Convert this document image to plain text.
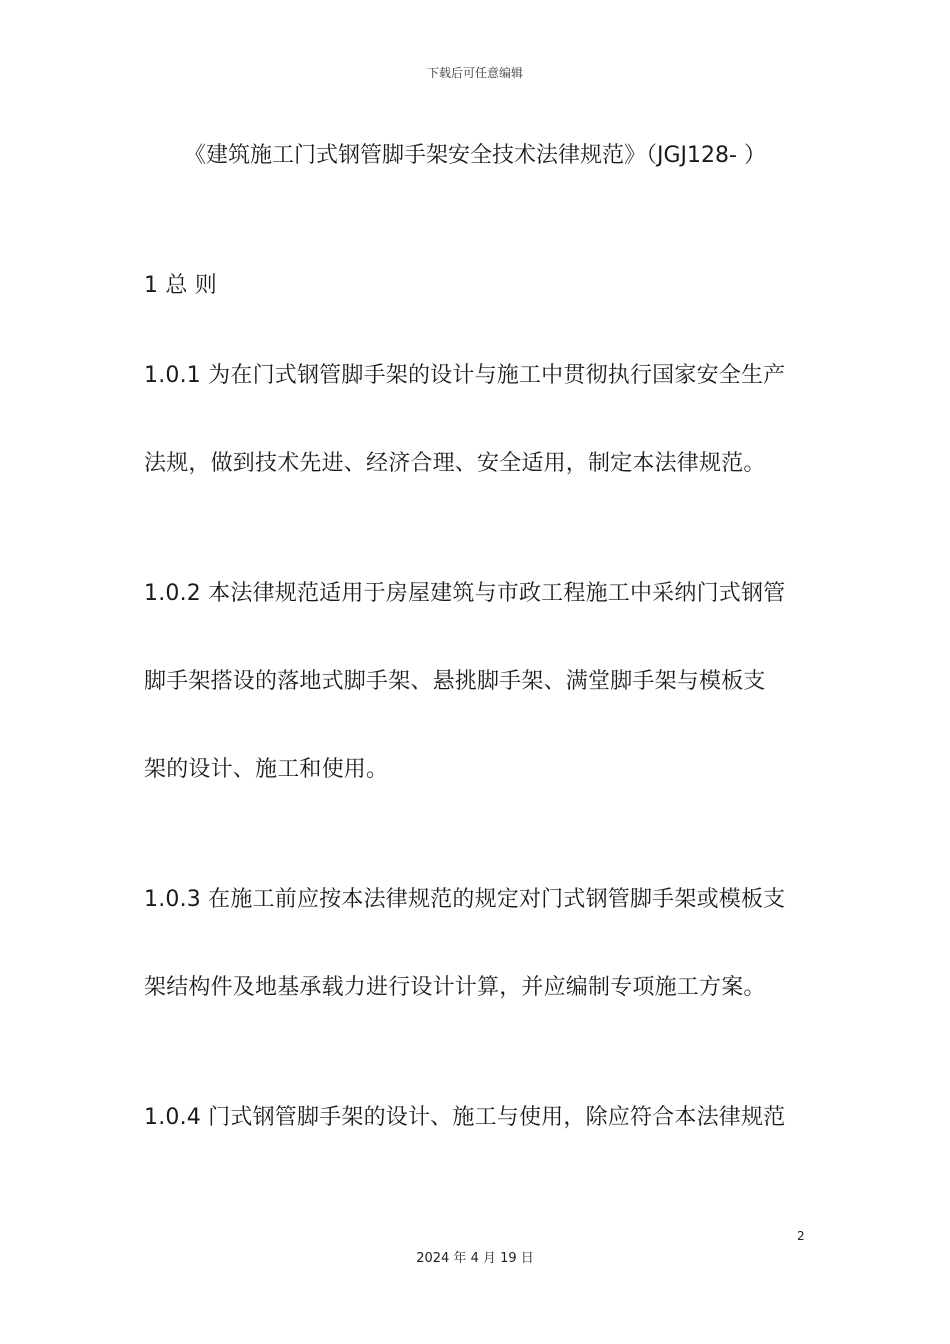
下载后可任意编辑
《建筑施工门式钢管脚手架安全技术法律规范》（JGJ128- ）
1 总 则
1.0.1 为在门式钢管脚手架的设计与施工中贯彻执行国家安全生产
法规，做到技术先进、经济合理、安全适用，制定本法律规范。
1.0.2 本法律规范适用于房屋建筑与市政工程施工中采纳门式钢管
脚手架搭设的落地式脚手架、悬挑脚手架、满堂脚手架与模板支
架的设计、施工和使用。
1.0.3 在施工前应按本法律规范的规定对门式钢管脚手架或模板支
架结构件及地基承载力进行设计计算，并应编制专项施工方案。
1.0.4 门式钢管脚手架的设计、施工与使用，除应符合本法律规范
2
2024 年 4 月 19 日
